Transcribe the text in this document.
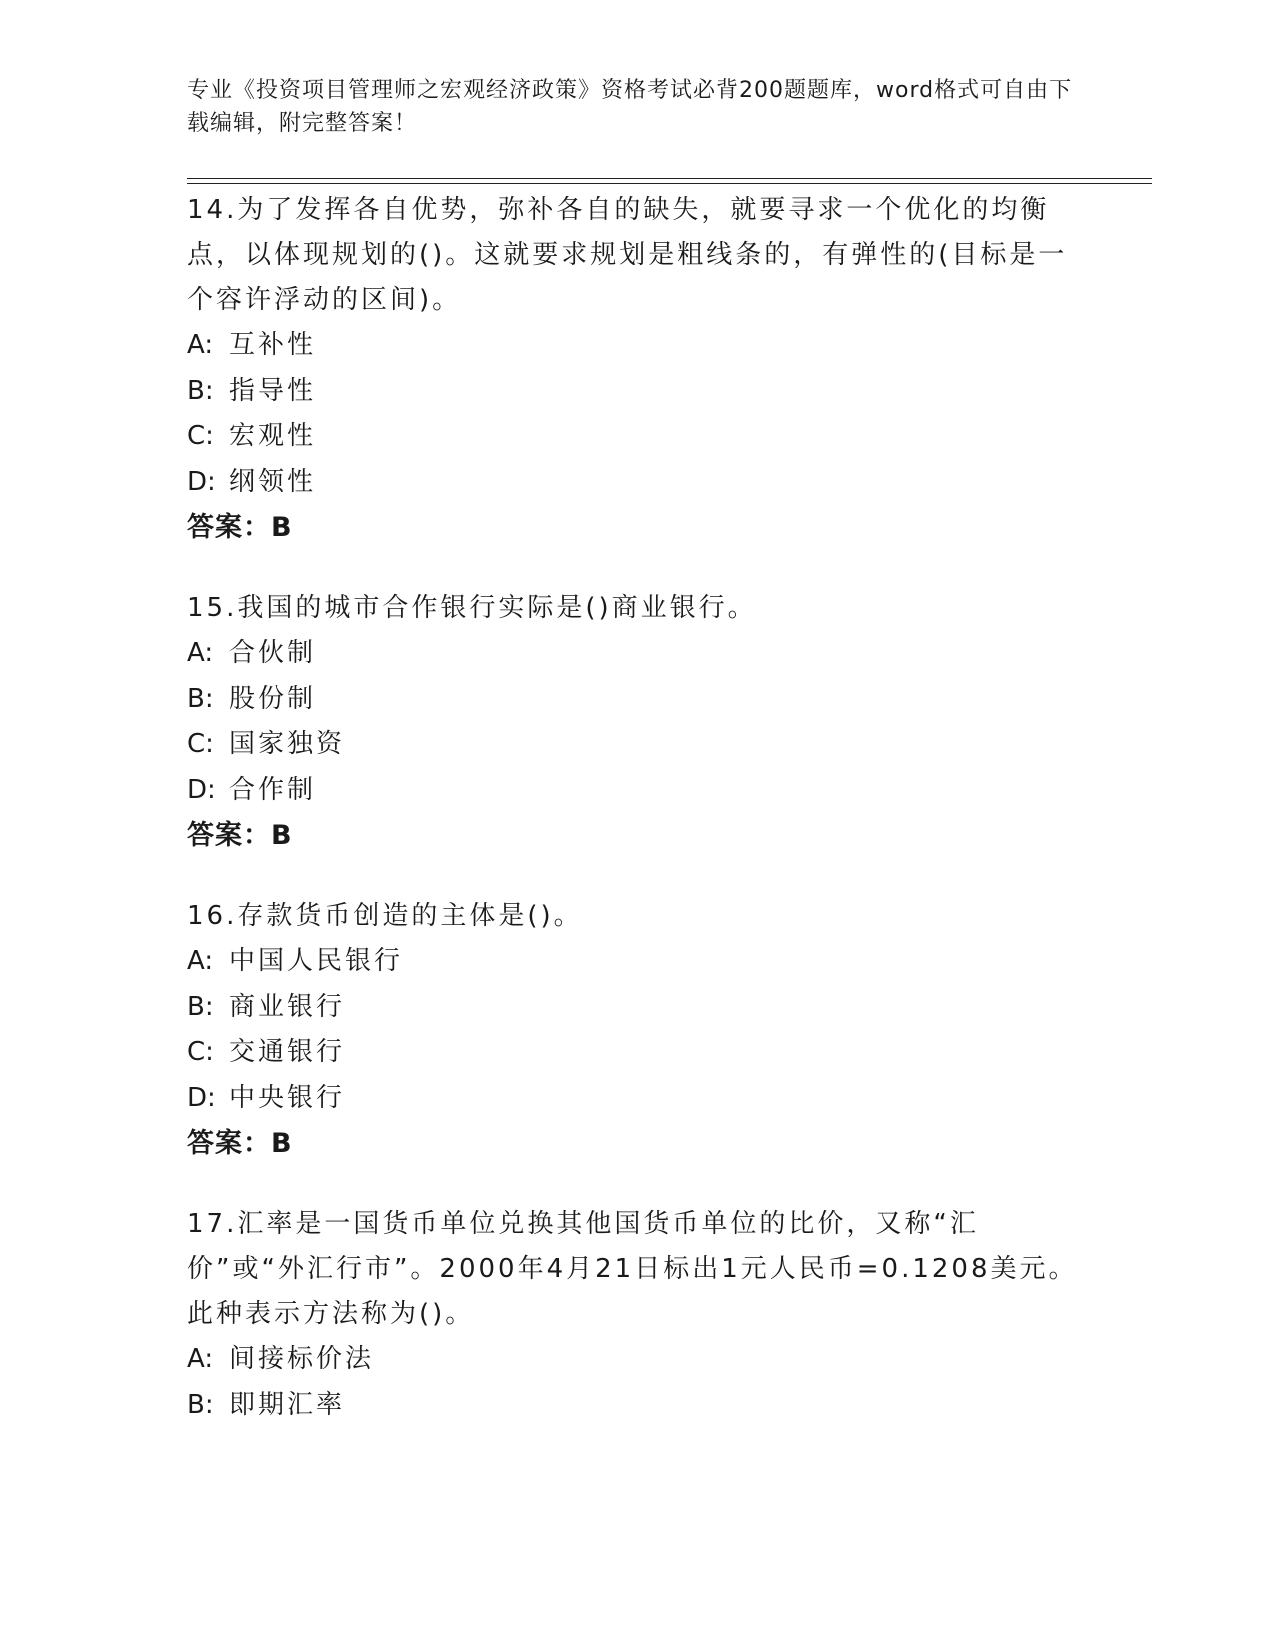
专业《投资项目管理师之宏观经济政策》资格考试必背200题题库，word格式可自由下载编辑，附完整答案！
14.为了发挥各自优势，弥补各自的缺失，就要寻求一个优化的均衡点，以体现规划的()。这就要求规划是粗线条的，有弹性的(目标是一个容许浮动的区间)。
A: 互补性
B: 指导性
C: 宏观性
D: 纲领性
答案：B
15.我国的城市合作银行实际是()商业银行。
A: 合伙制
B: 股份制
C: 国家独资
D: 合作制
答案：B
16.存款货币创造的主体是()。
A: 中国人民银行
B: 商业银行
C: 交通银行
D: 中央银行
答案：B
17.汇率是一国货币单位兑换其他国货币单位的比价，又称“汇价”或“外汇行市”。2000年4月21日标出1元人民币=0.1208美元。此种表示方法称为()。
A: 间接标价法
B: 即期汇率
